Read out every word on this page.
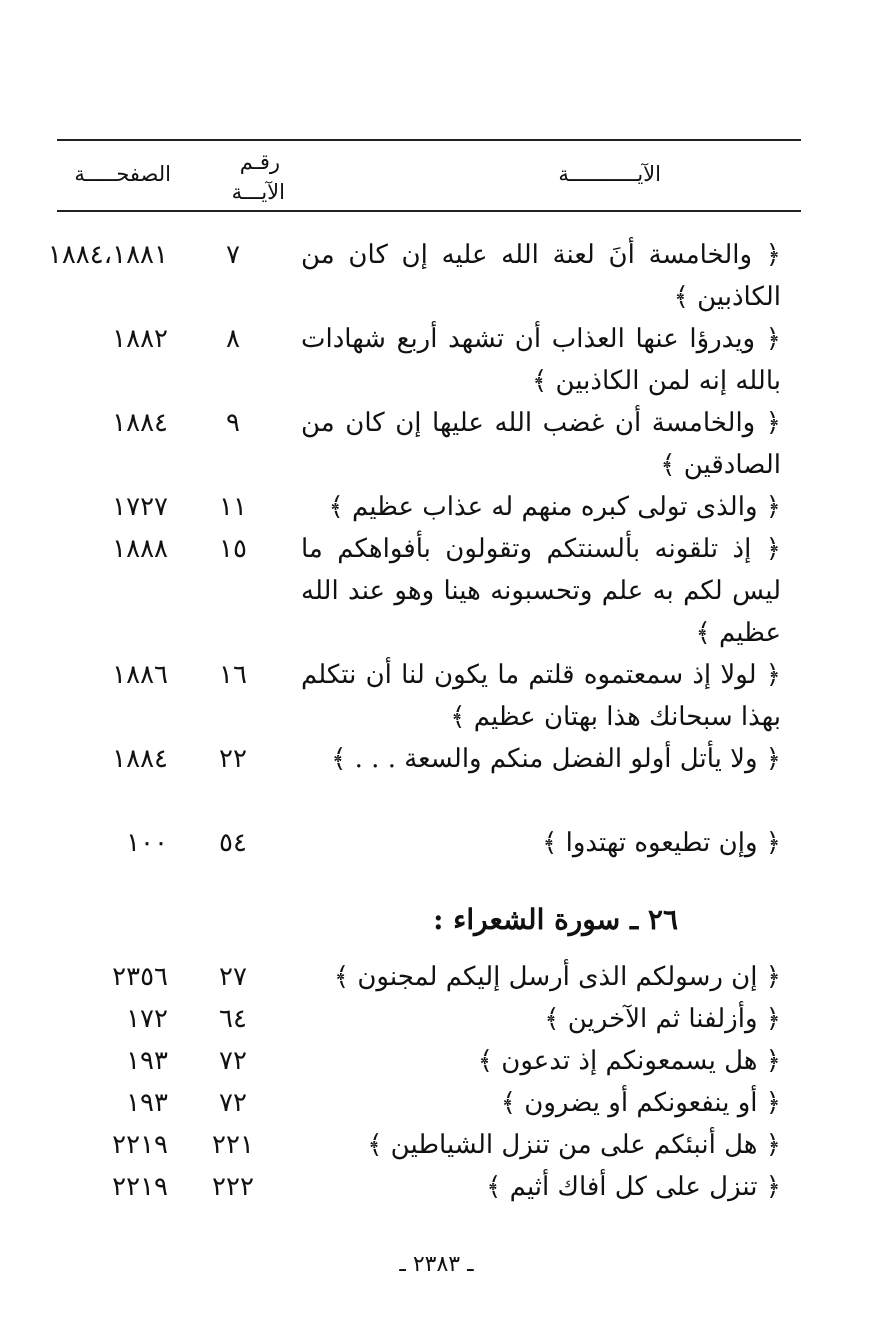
الآيـــــــــــة
رقـم
الآيـــة
الصفحـــــة
﴿ والخامسة أنَ لعنة الله عليه إن كان من الكاذبين ﴾
٧
١٨٨٤،١٨٨١
﴿ ويدرؤا عنها العذاب أن تشهد أربع شهادات بالله إنه لمن الكاذبين ﴾
٨
١٨٨٢
﴿ والخامسة أن غضب الله عليها إن كان من الصادقين ﴾
٩
١٨٨٤
﴿ والذى تولى كبره منهم له عذاب عظيم ﴾
١١
١٧٢٧
﴿ إذ تلقونه بألسنتكم وتقولون بأفواهكم ما ليس لكم به علم وتحسبونه هينا وهو عند الله عظيم ﴾
١٥
١٨٨٨
﴿ لولا إذ سمعتموه قلتم ما يكون لنا أن نتكلم بهذا سبحانك هذا بهتان عظيم ﴾
١٦
١٨٨٦
﴿ ولا يأتل أولو الفضل منكم والسعة . . . ﴾
٢٢
١٨٨٤
﴿ وإن تطيعوه تهتدوا ﴾
٥٤
١٠٠
٢٦ ـ سورة الشعراء :
﴿ إن رسولكم الذى أرسل إليكم لمجنون ﴾
٢٧
٢٣٥٦
﴿ وأزلفنا ثم الآخرين ﴾
٦٤
١٧٢
﴿ هل يسمعونكم إذ تدعون ﴾
٧٢
١٩٣
﴿ أو ينفعونكم أو يضرون ﴾
٧٢
١٩٣
﴿ هل أنبئكم على من تنزل الشياطين ﴾
٢٢١
٢٢١٩
﴿ تنزل على كل أفاك أثيم ﴾
٢٢٢
٢٢١٩
ـ ٢٣٨٣ ـ
